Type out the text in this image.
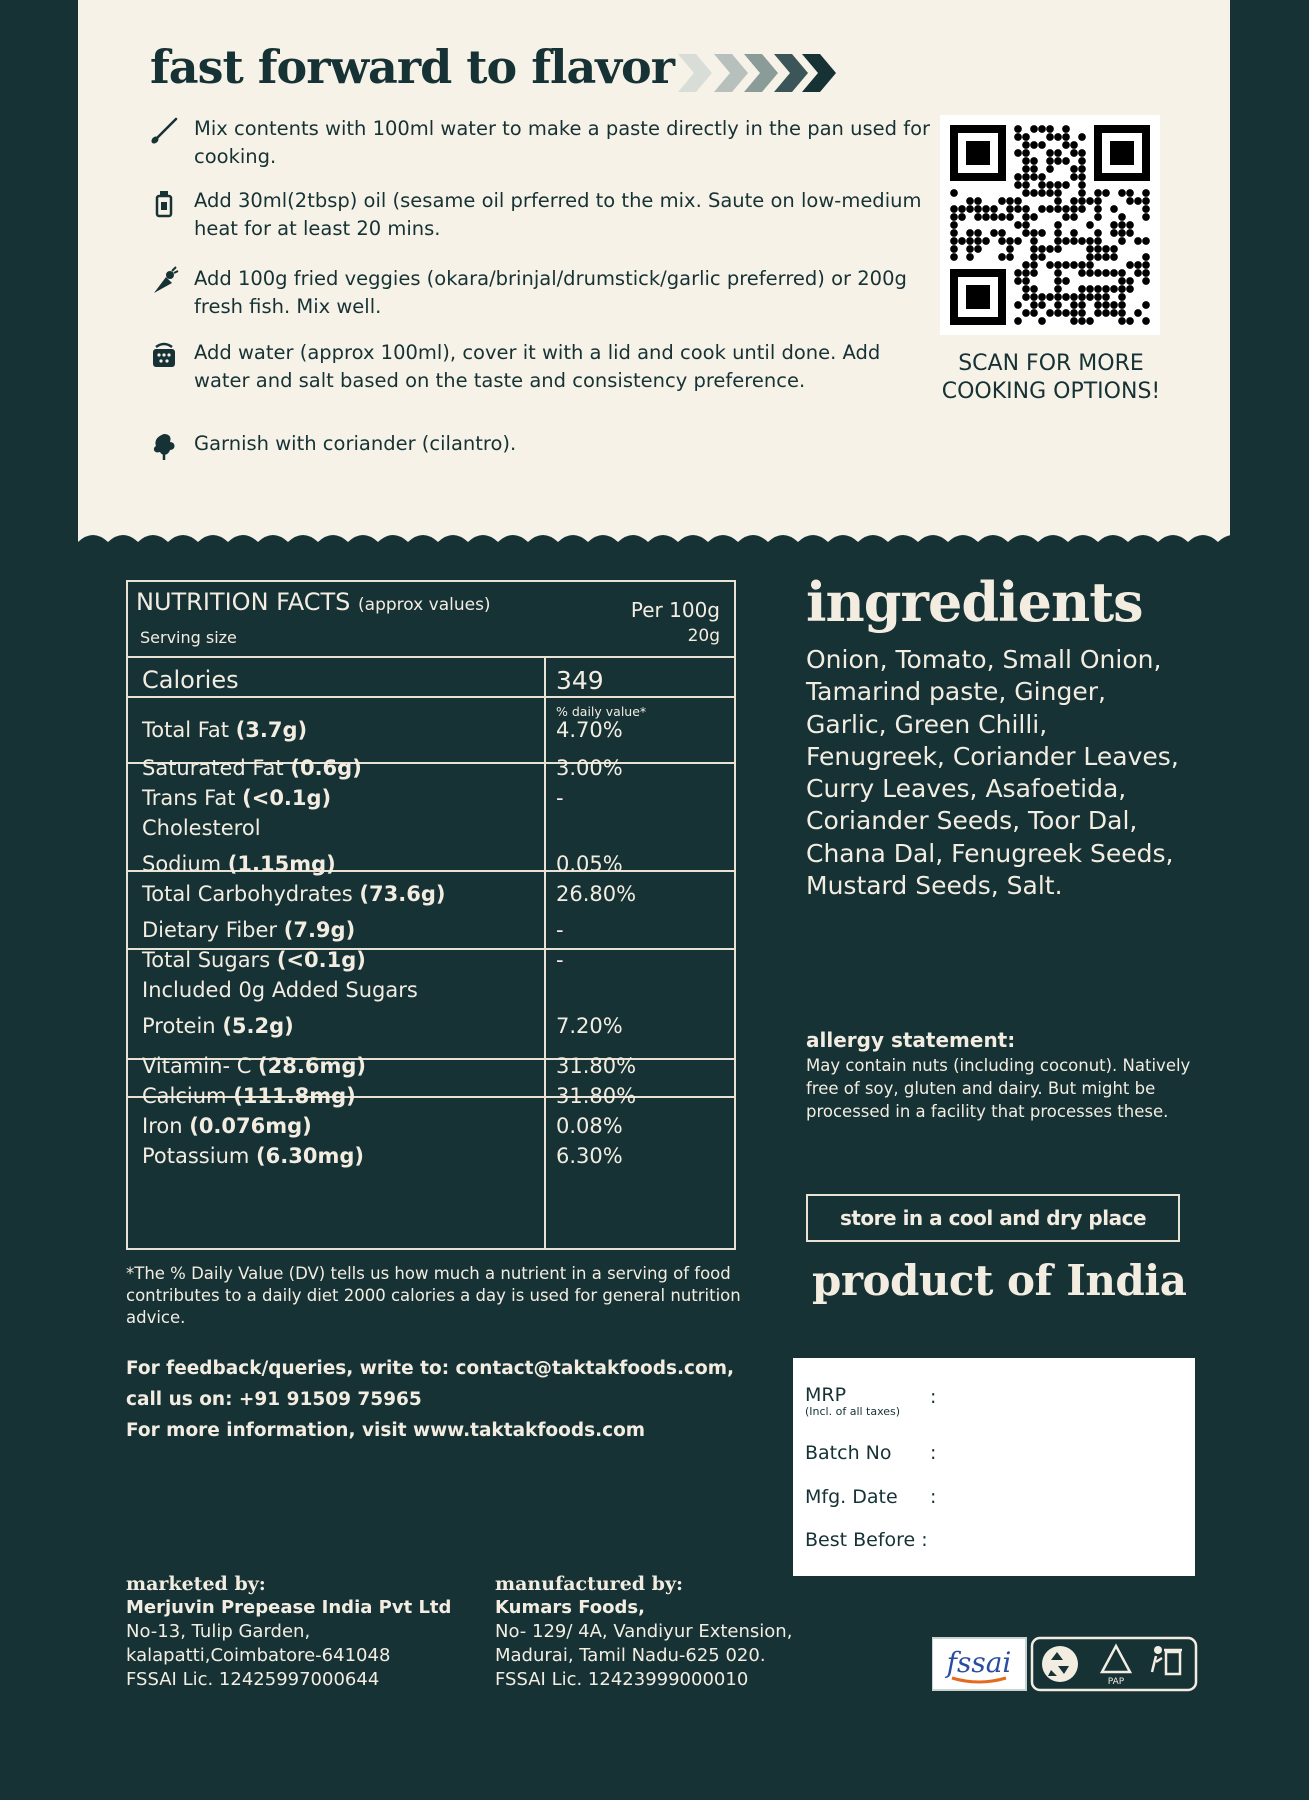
fast forward to flavor
Mix contents with 100ml water to make a paste directly in the pan used for cooking.
Add 30ml(2tbsp) oil (sesame oil prferred to the mix. Saute on low-medium heat for at least 20 mins.
Add 100g fried veggies (okara/brinjal/drumstick/garlic preferred) or 200g fresh fish. Mix well.
Add water (approx 100ml), cover it with a lid and cook until done. Add water and salt based on the taste and consistency preference.
Garnish with coriander (cilantro).
SCAN FOR MORE
COOKING OPTIONS!
NUTRITION FACTS (approx values)	Per 100g
Serving size	20g
Calories	349
% daily value*
Total Fat (3.7g)	4.70%
Saturated Fat (0.6g)	3.00%
Trans Fat (<0.1g)	-
Cholesterol
Sodium (1.15mg)	0.05%
Total Carbohydrates (73.6g)	26.80%
Dietary Fiber (7.9g)	-
Total Sugars (<0.1g)	-
Included 0g Added Sugars
Protein (5.2g)	7.20%
Vitamin- C (28.6mg)	31.80%
Calcium (111.8mg)	31.80%
Iron (0.076mg)	0.08%
Potassium (6.30mg)	6.30%
*The % Daily Value (DV) tells us how much a nutrient in a serving of food contributes to a daily diet 2000 calories a day is used for general nutrition advice.
For feedback/queries, write to: contact@taktakfoods.com,
call us on: +91 91509 75965
For more information, visit www.taktakfoods.com
ingredients
Onion, Tomato, Small Onion, Tamarind paste, Ginger, Garlic, Green Chilli, Fenugreek, Coriander Leaves, Curry Leaves, Asafoetida, Coriander Seeds, Toor Dal, Chana Dal, Fenugreek Seeds, Mustard Seeds, Salt.
allergy statement:
May contain nuts (including coconut). Natively free of soy, gluten and dairy. But might be processed in a facility that processes these.
store in a cool and dry place
product of India
MRP
(Incl. of all taxes)
:
Batch No :
Mfg. Date :
Best Before :
marketed by:
Merjuvin Prepease India Pvt Ltd
No-13, Tulip Garden,
kalapatti,Coimbatore-641048
FSSAI Lic. 12425997000644
manufactured by:
Kumars Foods,
No- 129/ 4A, Vandiyur Extension,
Madurai, Tamil Nadu-625 020.
FSSAI Lic. 12423999000010
fssai
PAP
